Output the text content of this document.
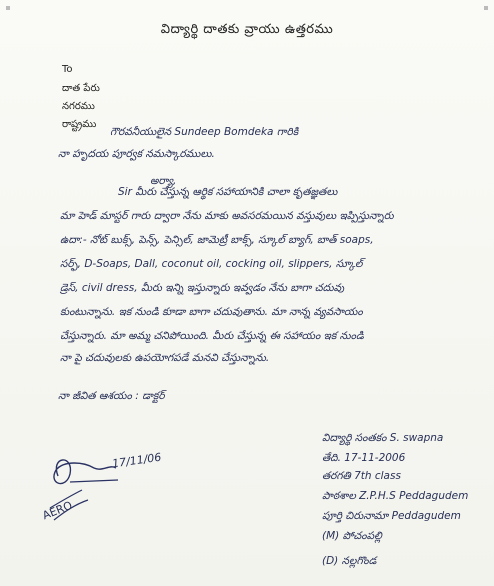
విద్యార్థి దాతకు వ్రాయు ఉత్తరము
To
దాత పేరు
నగరము
రాష్ట్రము
గౌరవనీయులైన Sundeep Bomdeka గారికి
నా హృదయ పూర్వక నమస్కారములు.
అర్యా,
Sir మీరు చేస్తున్న ఆర్థిక సహాయానికి చాలా కృతజ్ఞతలు
మా హెడ్ మాస్టర్ గారు ద్వారా నేను మాకు అవసరమయిన వస్తువులు ఇప్పిస్తున్నారు
ఉదా:- నోట్ బుక్స్, పెన్స్, పెన్సిల్, జామెట్రీ బాక్స్, స్కూల్ బ్యాగ్, బాత్ soaps,
సర్ఫ్, D-Soaps, Dall, coconut oil, cocking oil, slippers, స్కూల్
డ్రెస్, civil dress, మీరు ఇన్ని ఇస్తున్నారు ఇవ్వడం నేను బాగా చదువు
కుంటున్నాను. ఇక నుండి కూడా బాగా చదువుతాను. మా నాన్న వ్యవసాయం
చేస్తున్నారు. మా అమ్మ చనిపోయింది. మీరు చేస్తున్న ఈ సహాయం ఇక నుండి
నా పై చదువులకు ఉపయోగపడే మనవి చేస్తున్నాను.
నా జీవిత ఆశయం : డాక్టర్
విద్యార్థి సంతకం S. swapna
తేది. 17-11-2006
తరగతి 7th class
పాఠశాల Z.P.H.S Peddagudem
పూర్తి చిరునామా Peddagudem
(M) పోచంపల్లి
(D) నల్లగొండ
17/11/06
AERO
